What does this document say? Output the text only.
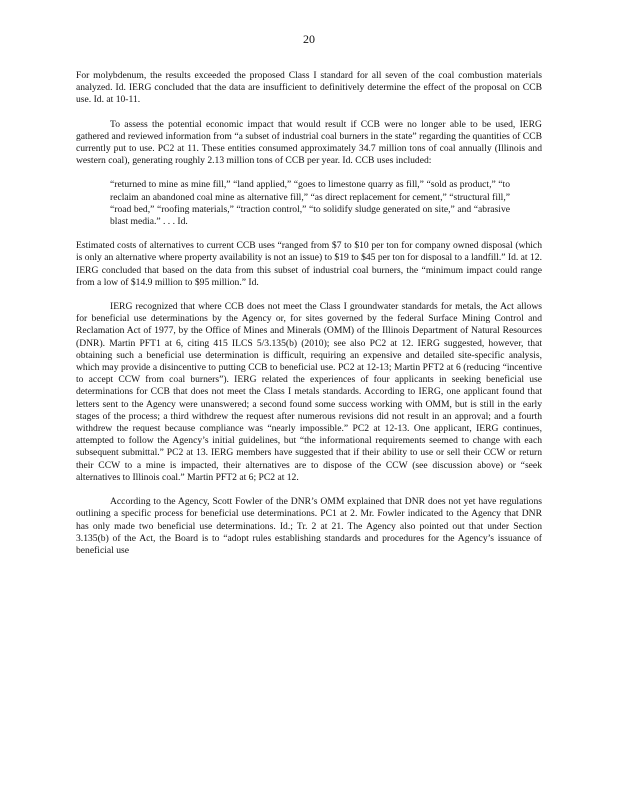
20

For molybdenum, the results exceeded the proposed Class I standard for all seven of the coal combustion materials analyzed. Id. IERG concluded that the data are insufficient to definitively determine the effect of the proposal on CCB use. Id. at 10-11.

To assess the potential economic impact that would result if CCB were no longer able to be used, IERG gathered and reviewed information from “a subset of industrial coal burners in the state” regarding the quantities of CCB currently put to use. PC2 at 11. These entities consumed approximately 34.7 million tons of coal annually (Illinois and western coal), generating roughly 2.13 million tons of CCB per year. Id. CCB uses included:

“returned to mine as mine fill,” “land applied,” “goes to limestone quarry as fill,” “sold as product,” “to reclaim an abandoned coal mine as alternative fill,” “as direct replacement for cement,” “structural fill,” “road bed,” “roofing materials,” “traction control,” “to solidify sludge generated on site,” and “abrasive blast media.” . . . Id.

Estimated costs of alternatives to current CCB uses “ranged from $7 to $10 per ton for company owned disposal (which is only an alternative where property availability is not an issue) to $19 to $45 per ton for disposal to a landfill.” Id. at 12. IERG concluded that based on the data from this subset of industrial coal burners, the “minimum impact could range from a low of $14.9 million to $95 million.” Id.

IERG recognized that where CCB does not meet the Class I groundwater standards for metals, the Act allows for beneficial use determinations by the Agency or, for sites governed by the federal Surface Mining Control and Reclamation Act of 1977, by the Office of Mines and Minerals (OMM) of the Illinois Department of Natural Resources (DNR). Martin PFT1 at 6, citing 415 ILCS 5/3.135(b) (2010); see also PC2 at 12. IERG suggested, however, that obtaining such a beneficial use determination is difficult, requiring an expensive and detailed site-specific analysis, which may provide a disincentive to putting CCB to beneficial use. PC2 at 12-13; Martin PFT2 at 6 (reducing “incentive to accept CCW from coal burners”). IERG related the experiences of four applicants in seeking beneficial use determinations for CCB that does not meet the Class I metals standards. According to IERG, one applicant found that letters sent to the Agency were unanswered; a second found some success working with OMM, but is still in the early stages of the process; a third withdrew the request after numerous revisions did not result in an approval; and a fourth withdrew the request because compliance was “nearly impossible.” PC2 at 12-13. One applicant, IERG continues, attempted to follow the Agency’s initial guidelines, but “the informational requirements seemed to change with each subsequent submittal.” PC2 at 13. IERG members have suggested that if their ability to use or sell their CCW or return their CCW to a mine is impacted, their alternatives are to dispose of the CCW (see discussion above) or “seek alternatives to Illinois coal.” Martin PFT2 at 6; PC2 at 12.

According to the Agency, Scott Fowler of the DNR’s OMM explained that DNR does not yet have regulations outlining a specific process for beneficial use determinations. PC1 at 2. Mr. Fowler indicated to the Agency that DNR has only made two beneficial use determinations. Id.; Tr. 2 at 21. The Agency also pointed out that under Section 3.135(b) of the Act, the Board is to “adopt rules establishing standards and procedures for the Agency’s issuance of beneficial use
